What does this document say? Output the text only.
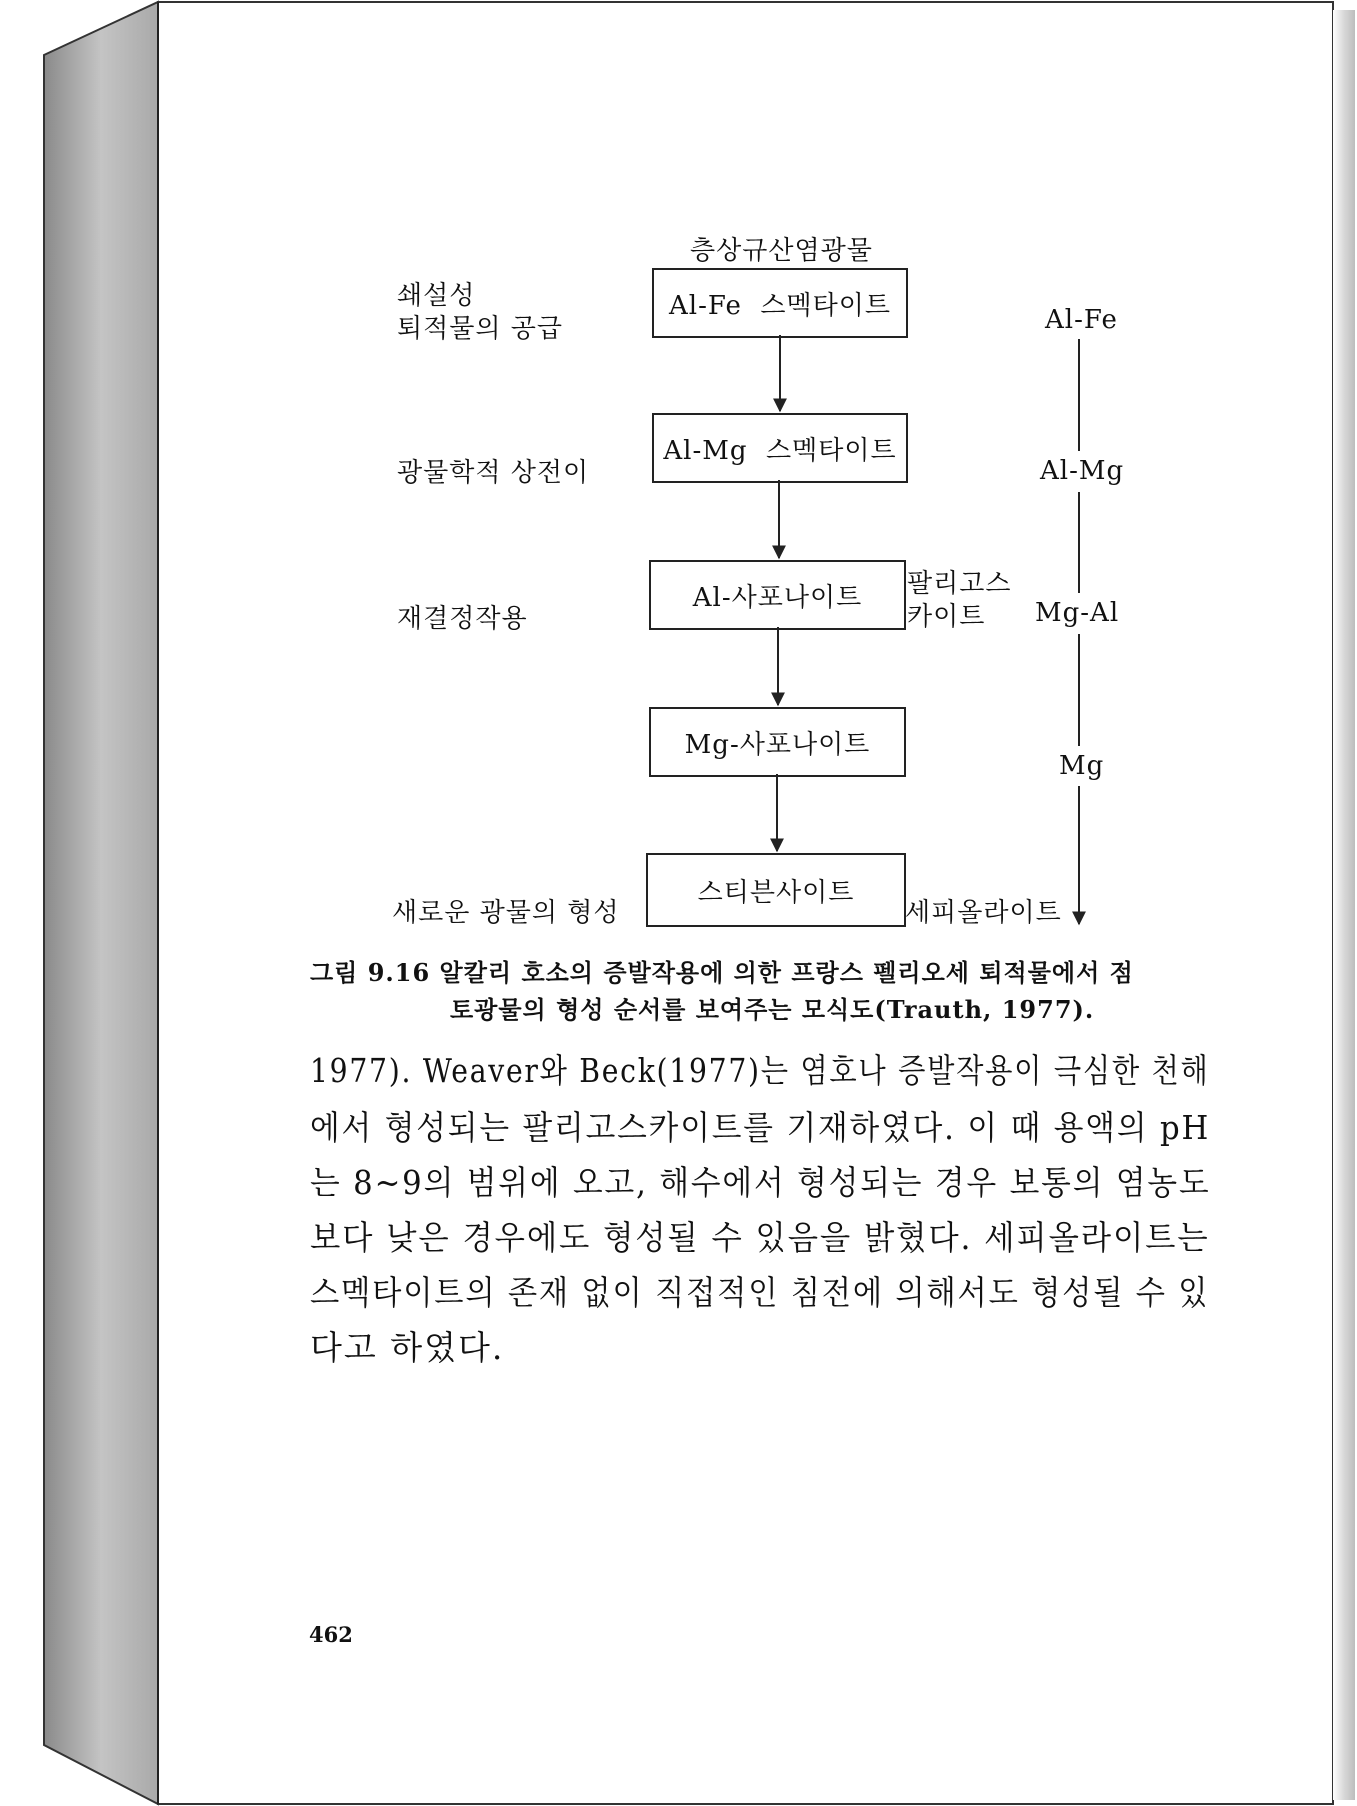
층상규산염광물
쇄설성
퇴적물의 공급
광물학적 상전이
재결정작용
새로운 광물의 형성
Al-Fe  스멕타이트
Al-Mg  스멕타이트
Al-사포나이트
Mg-사포나이트
스티븐사이트
팔리고스
카이트
세피올라이트
Al-Fe
Al-Mg
Mg-Al
Mg
그림 9.16 알칼리 호소의 증발작용에 의한 프랑스 펠리오세 퇴적물에서 점
토광물의 형성 순서를 보여주는 모식도(Trauth, 1977).
1977). Weaver와 Beck(1977)는 염호나 증발작용이 극심한 천해
에서 형성되는 팔리고스카이트를 기재하였다. 이 때 용액의 pH
는 8~9의 범위에 오고, 해수에서 형성되는 경우 보통의 염농도
보다 낮은 경우에도 형성될 수 있음을 밝혔다. 세피올라이트는
스멕타이트의 존재 없이 직접적인 침전에 의해서도 형성될 수 있
다고 하였다.
462
